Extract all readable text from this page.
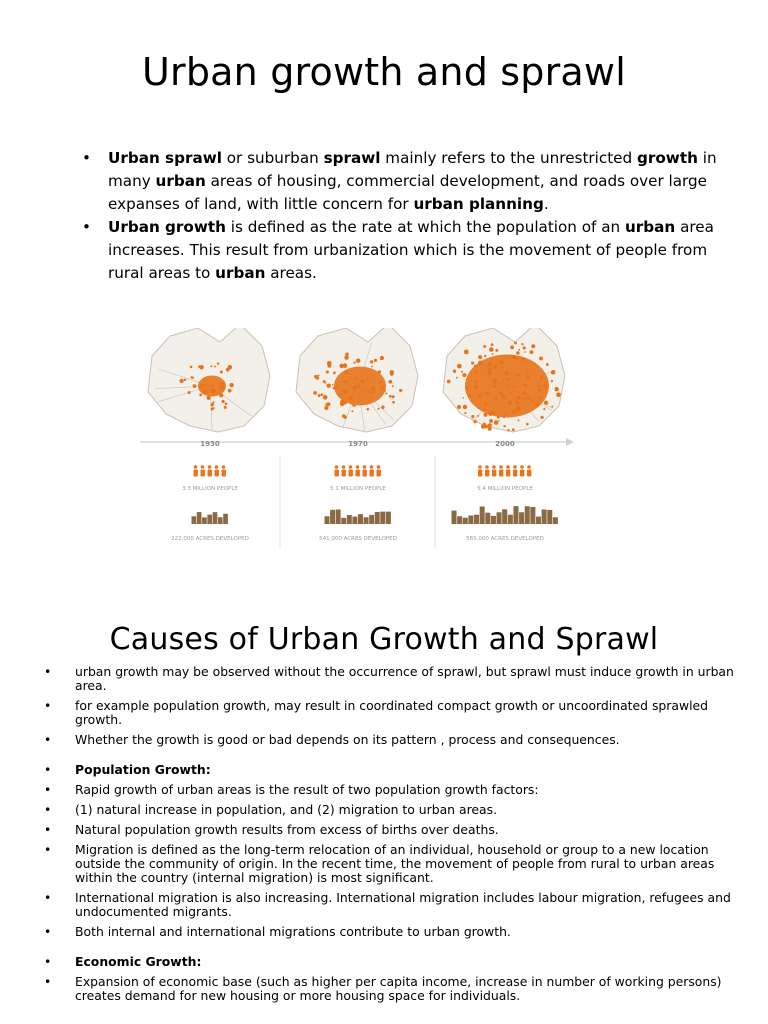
Urban growth and sprawl
• Urban sprawl or suburban sprawl mainly refers to the unrestricted growth in many urban areas of housing, commercial development, and roads over large expanses of land, with little concern for urban planning.
• Urban growth is defined as the rate at which the population of an urban area increases. This result from urbanization which is the movement of people from rural areas to urban areas.
1930
3.3 MILLION PEOPLE
222,000 ACRES DEVELOPED
1970
5.1 MILLION PEOPLE
541,000 ACRES DEVELOPED
2000
5.4 MILLION PEOPLE
565,000 ACRES DEVELOPED
Causes of Urban Growth and Sprawl
• urban growth may be observed without the occurrence of sprawl, but sprawl must induce growth in urban area.
• for example population growth, may result in coordinated compact growth or uncoordinated sprawled growth.
• Whether the growth is good or bad depends on its pattern , process and consequences.
• Population Growth:
• Rapid growth of urban areas is the result of two population growth factors:
• (1) natural increase in population, and (2) migration to urban areas.
• Natural population growth results from excess of births over deaths.
• Migration is defined as the long-term relocation of an individual, household or group to a new location outside the community of origin. In the recent time, the movement of people from rural to urban areas within the country (internal migration) is most significant.
• International migration is also increasing. International migration includes labour migration, refugees and undocumented migrants.
• Both internal and international migrations contribute to urban growth.
• Economic Growth:
• Expansion of economic base (such as higher per capita income, increase in number of working persons) creates demand for new housing or more housing space for individuals.
